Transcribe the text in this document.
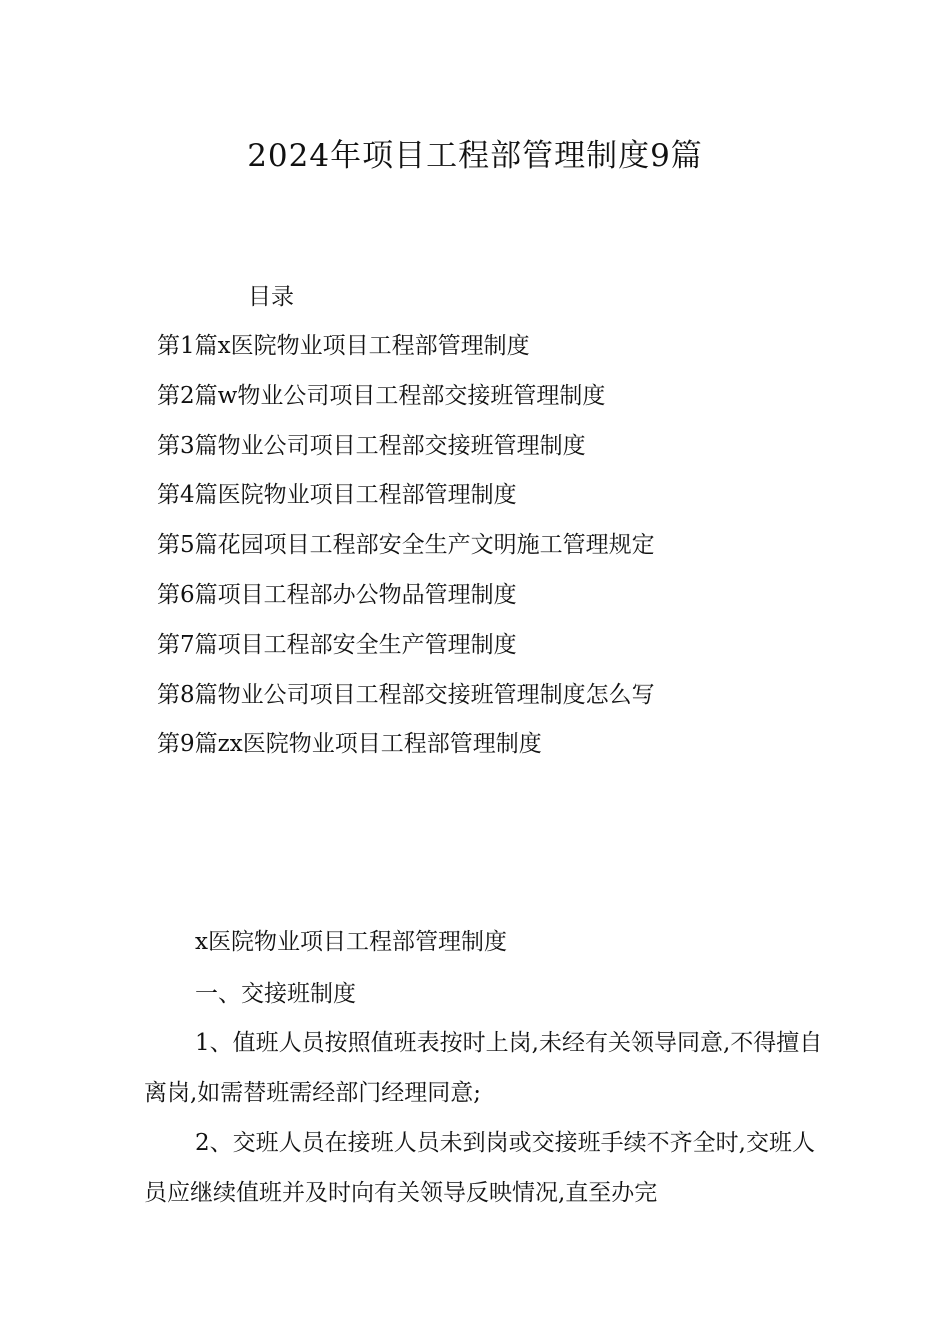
2024年项目工程部管理制度9篇
目录
第1篇x医院物业项目工程部管理制度
第2篇w物业公司项目工程部交接班管理制度
第3篇物业公司项目工程部交接班管理制度
第4篇医院物业项目工程部管理制度
第5篇花园项目工程部安全生产文明施工管理规定
第6篇项目工程部办公物品管理制度
第7篇项目工程部安全生产管理制度
第8篇物业公司项目工程部交接班管理制度怎么写
第9篇zx医院物业项目工程部管理制度
x医院物业项目工程部管理制度
一、交接班制度

1、值班人员按照值班表按时上岗,未经有关领导同意,不得擅自离岗,如需替班需经部门经理同意;

2、交班人员在接班人员未到岗或交接班手续不齐全时,交班人员应继续值班并及时向有关领导反映情况,直至办完
